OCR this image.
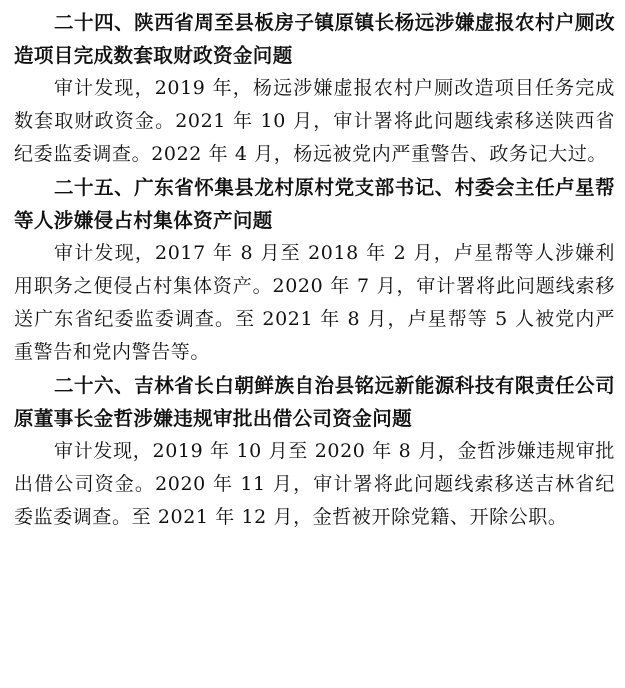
二十四、陕西省周至县板房子镇原镇长杨远涉嫌虚报农村户厕改造项目完成数套取财政资金问题

审计发现，2019 年，杨远涉嫌虚报农村户厕改造项目任务完成数套取财政资金。2021 年 10 月，审计署将此问题线索移送陕西省纪委监委调查。2022 年 4 月，杨远被党内严重警告、政务记大过。

二十五、广东省怀集县龙村原村党支部书记、村委会主任卢星帮等人涉嫌侵占村集体资产问题

审计发现，2017 年 8 月至 2018 年 2 月，卢星帮等人涉嫌利用职务之便侵占村集体资产。2020 年 7 月，审计署将此问题线索移送广东省纪委监委调查。至 2021 年 8 月，卢星帮等 5 人被党内严重警告和党内警告等。

二十六、吉林省长白朝鲜族自治县铭远新能源科技有限责任公司原董事长金哲涉嫌违规审批出借公司资金问题

审计发现，2019 年 10 月至 2020 年 8 月，金哲涉嫌违规审批出借公司资金。2020 年 11 月，审计署将此问题线索移送吉林省纪委监委调查。至 2021 年 12 月，金哲被开除党籍、开除公职。
